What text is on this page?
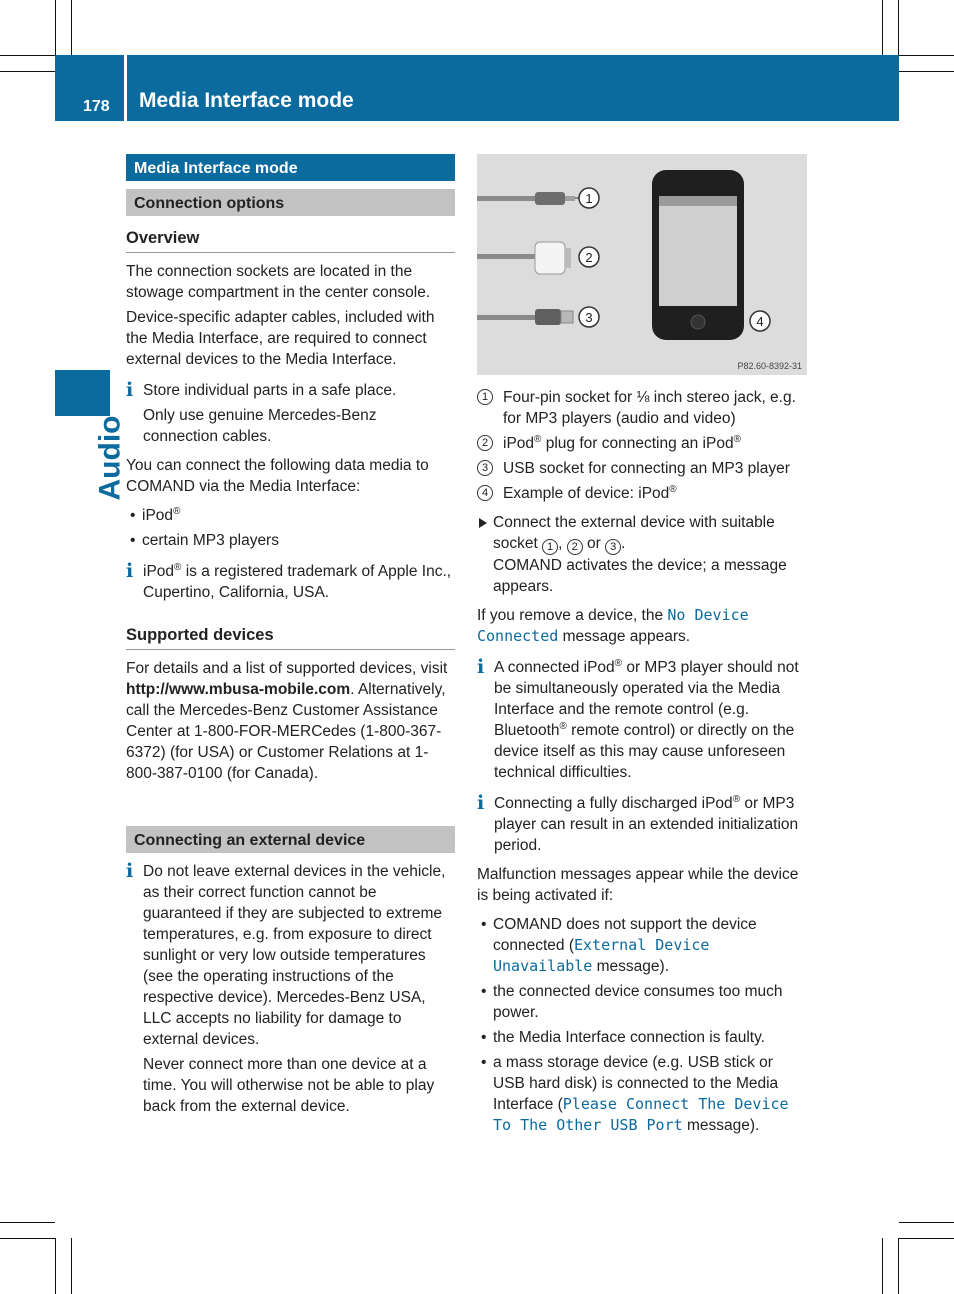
178 Media Interface mode
Audio
Media Interface mode
Connection options
Overview

The connection sockets are located in the stowage compartment in the center console.

Device-specific adapter cables, included with the Media Interface, are required to connect external devices to the Media Interface.

i Store individual parts in a safe place.
Only use genuine Mercedes-Benz connection cables.

You can connect the following data media to COMAND via the Media Interface:

• iPod®
• certain MP3 players
i iPod® is a registered trademark of Apple Inc., Cupertino, California, USA.
Supported devices

For details and a list of supported devices, visit http://www.mbusa-mobile.com. Alternatively, call the Mercedes-Benz Customer Assistance Center at 1-800-FOR-MERCedes (1-800-367-6372) (for USA) or Customer Relations at 1-800-387-0100 (for Canada).

Connecting an external device
i Do not leave external devices in the vehicle, as their correct function cannot be guaranteed if they are subjected to extreme temperatures, e.g. from exposure to direct sunlight or very low outside temperatures (see the operating instructions of the respective device). Mercedes-Benz USA, LLC accepts no liability for damage to external devices.
Never connect more than one device at a time. You will otherwise not be able to play back from the external device.
1
2
3	4
P82.60-8392-31
1 Four-pin socket for ⅛ inch stereo jack, e.g. for MP3 players (audio and video)
2 iPod® plug for connecting an iPod®
3 USB socket for connecting an MP3 player
4 Example of device: iPod®
Connect the external device with suitable socket 1 , 2 or 3 .
COMAND activates the device; a message appears.

If you remove a device, the No Device Connected message appears.

i A connected iPod® or MP3 player should not be simultaneously operated via the Media Interface and the remote control (e.g. Bluetooth® remote control) or directly on the device itself as this may cause unforeseen technical difficulties.
i Connecting a fully discharged iPod® or MP3 player can result in an extended initialization period.

Malfunction messages appear while the device is being activated if:

• COMAND does not support the device connected (External Device Unavailable message).
• the connected device consumes too much power.
• the Media Interface connection is faulty.
• a mass storage device (e.g. USB stick or USB hard disk) is connected to the Media Interface (Please Connect The Device To The Other USB Port message).
